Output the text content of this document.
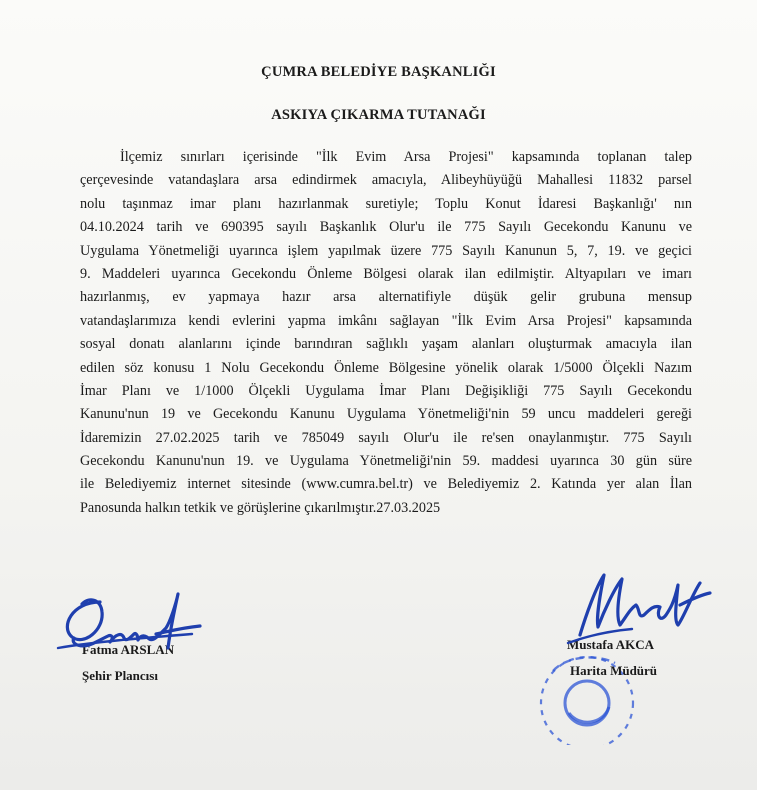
ÇUMRA BELEDİYE BAŞKANLIĞI
ASKIYA ÇIKARMA TUTANAĞI
İlçemiz sınırları içerisinde "İlk Evim Arsa Projesi" kapsamında toplanan talep
çerçevesinde vatandaşlara arsa edindirmek amacıyla, Alibeyhüyüğü Mahallesi 11832 parsel
nolu taşınmaz imar planı hazırlanmak suretiyle; Toplu Konut İdaresi Başkanlığı' nın
04.10.2024 tarih ve 690395 sayılı Başkanlık Olur'u ile 775 Sayılı Gecekondu Kanunu ve
Uygulama Yönetmeliği uyarınca işlem yapılmak üzere 775 Sayılı Kanunun 5, 7, 19. ve geçici
9. Maddeleri uyarınca Gecekondu Önleme Bölgesi olarak ilan edilmiştir. Altyapıları ve imarı
hazırlanmış, ev yapmaya hazır arsa alternatifiyle düşük gelir grubuna mensup
vatandaşlarımıza kendi evlerini yapma imkânı sağlayan "İlk Evim Arsa Projesi" kapsamında
sosyal donatı alanlarını içinde barındıran sağlıklı yaşam alanları oluşturmak amacıyla ilan
edilen söz konusu 1 Nolu Gecekondu Önleme Bölgesine yönelik olarak 1/5000 Ölçekli Nazım
İmar Planı ve 1/1000 Ölçekli Uygulama İmar Planı Değişikliği 775 Sayılı Gecekondu
Kanunu'nun 19 ve Gecekondu Kanunu Uygulama Yönetmeliği'nin 59 uncu maddeleri gereği
İdaremizin 27.02.2025 tarih ve 785049 sayılı Olur'u ile re'sen onaylanmıştır. 775 Sayılı
Gecekondu Kanunu'nun 19. ve Uygulama Yönetmeliği'nin 59. maddesi uyarınca 30 gün süre
ile Belediyemiz internet sitesinde (www.cumra.bel.tr) ve Belediyemiz 2. Katında yer alan İlan
Panosunda halkın tetkik ve görüşlerine çıkarılmıştır.27.03.2025
Fatma ARSLAN
Şehir Plancısı
Mustafa AKCA
Harita Müdürü
